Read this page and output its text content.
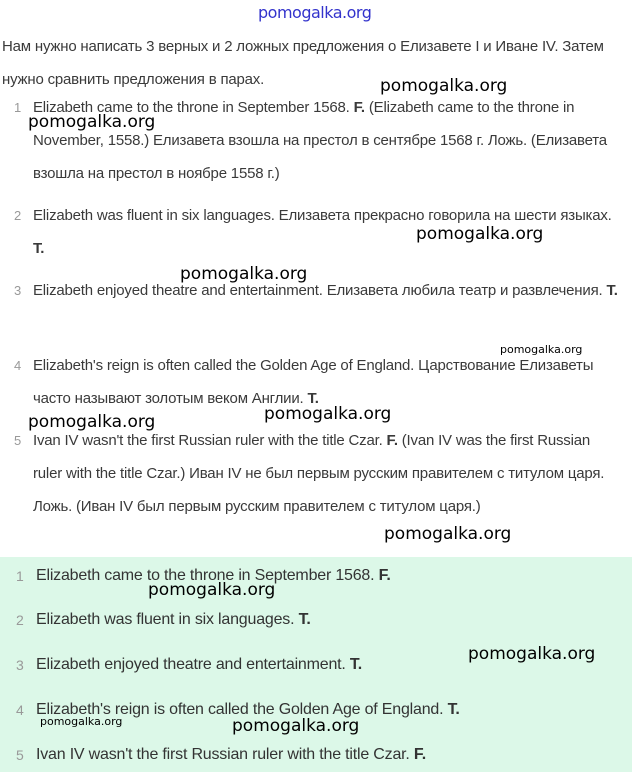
pomogalka.org
Нам нужно написать 3 верных и 2 ложных предложения о Елизавете I и Иване IV. Затем нужно сравнить предложения в парах.
1 Elizabeth came to the throne in September 1568. F. (Elizabeth came to the throne in November, 1558.) Елизавета взошла на престол в сентябре 1568 г. Ложь. (Елизавета взошла на престол в ноябре 1558 г.)
2 Elizabeth was fluent in six languages. Елизавета прекрасно говорила на шести языках. T.
3 Elizabeth enjoyed theatre and entertainment. Елизавета любила театр и развлечения. T.
4 Elizabeth's reign is often called the Golden Age of England. Царствование Елизаветы часто называют золотым веком Англии. T.
5 Ivan IV wasn't the first Russian ruler with the title Czar. F. (Ivan IV was the first Russian ruler with the title Czar.) Иван IV не был первым русским правителем с титулом царя. Ложь. (Иван IV был первым русским правителем с титулом царя.)
1 Elizabeth came to the throne in September 1568. F.
2 Elizabeth was fluent in six languages. T.
3 Elizabeth enjoyed theatre and entertainment. T.
4 Elizabeth's reign is often called the Golden Age of England. T.
5 Ivan IV wasn't the first Russian ruler with the title Czar. F.
pomogalka.org
pomogalka.org
pomogalka.org
pomogalka.org
pomogalka.org
pomogalka.org
pomogalka.org
pomogalka.org
pomogalka.org
pomogalka.org
pomogalka.org	pomogalka.org
